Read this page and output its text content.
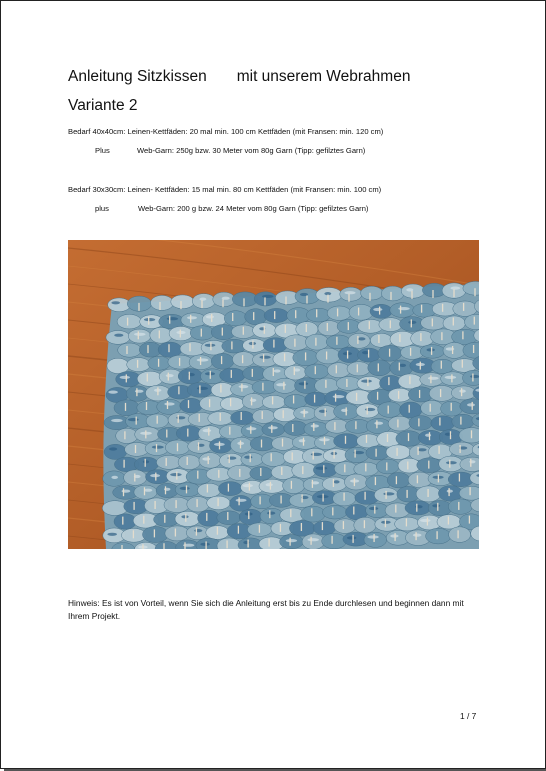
Anleitung Sitzkissen mit unserem Webrahmen
Variante 2
Bedarf 40x40cm: Leinen-Kettfäden: 20 mal min. 100 cm Kettfäden (mit Fransen: min. 120 cm)
Plus	Web-Garn: 250g bzw. 30 Meter vom 80g Garn (Tipp: gefilztes Garn)
Bedarf 30x30cm: Leinen- Kettfäden: 15 mal min. 80 cm Kettfäden (mit Fransen: min. 100 cm)
plus	Web-Garn: 200 g bzw. 24 Meter vom 80g Garn (Tipp: gefilztes Garn)
Hinweis: Es ist von Vorteil, wenn Sie sich die Anleitung erst bis zu Ende durchlesen und beginnen dann mit Ihrem Projekt.
1 / 7
